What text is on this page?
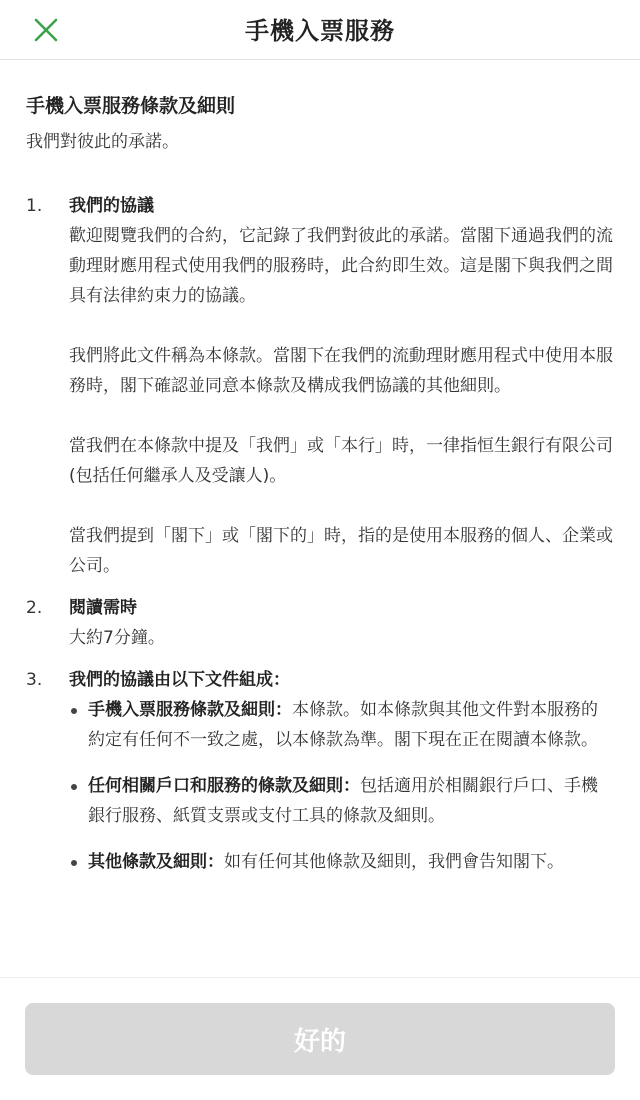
手機入票服務
手機入票服務條款及細則
我們對彼此的承諾。
1. 我們的協議
歡迎閱覽我們的合約，它記錄了我們對彼此的承諾。當閣下通過我們的流動理財應用程式使用我們的服務時，此合約即生效。這是閣下與我們之間具有法律約束力的協議。
我們將此文件稱為本條款。當閣下在我們的流動理財應用程式中使用本服務時，閣下確認並同意本條款及構成我們協議的其他細則。
當我們在本條款中提及「我們」或「本行」時，一律指恒生銀行有限公司(包括任何繼承人及受讓人)。
當我們提到「閣下」或「閣下的」時，指的是使用本服務的個人、企業或公司。
2. 閱讀需時
大約7分鐘。
3. 我們的協議由以下文件組成：
手機入票服務條款及細則：本條款。如本條款與其他文件對本服務的約定有任何不一致之處，以本條款為準。閣下現在正在閱讀本條款。
任何相關戶口和服務的條款及細則：包括適用於相關銀行戶口、手機銀行服務、紙質支票或支付工具的條款及細則。
其他條款及細則：如有任何其他條款及細則，我們會告知閣下。
好的
